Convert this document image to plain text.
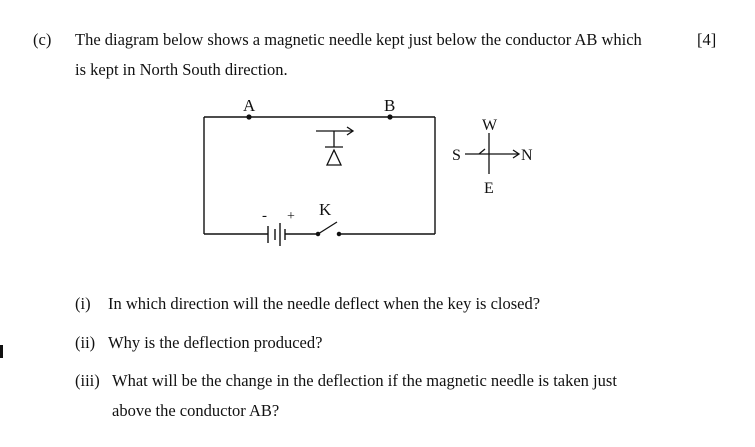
(c) The diagram below shows a magnetic needle kept just below the conductor AB which	[4]
is kept in North South direction.
A	B
- + K
W
S	N
E
(i) In which direction will the needle deflect when the key is closed?
(ii) Why is the deflection produced?
(iii) What will be the change in the deflection if the magnetic needle is taken just
above the conductor AB?
